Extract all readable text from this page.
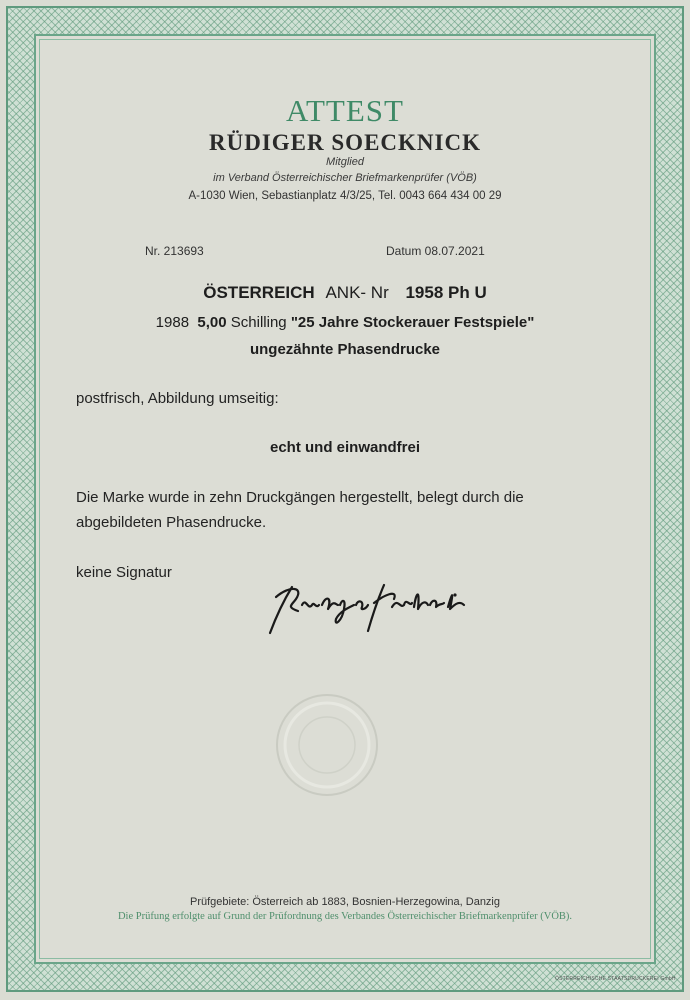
ATTEST
RÜDIGER SOECKNICK
Mitglied
im Verband Österreichischer Briefmarkenprüfer (VÖB)
A-1030 Wien, Sebastianplatz 4/3/25, Tel. 0043 664 434 00 29
Nr. 213693	Datum 08.07.2021
ÖSTERREICH ANK- Nr 1958 Ph U
1988 5,00 Schilling "25 Jahre Stockerauer Festspiele"
ungezähnte Phasendrucke
postfrisch, Abbildung umseitig:
echt und einwandfrei
Die Marke wurde in zehn Druckgängen hergestellt, belegt durch die
abgebildeten Phasendrucke.
keine Signatur
Prüfgebiete: Österreich ab 1883, Bosnien-Herzegowina, Danzig
Die Prüfung erfolgte auf Grund der Prüfordnung des Verbandes Österreichischer Briefmarkenprüfer (VÖB).
ÖSTERREICHISCHE STAATSDRUCKEREI GmbH
